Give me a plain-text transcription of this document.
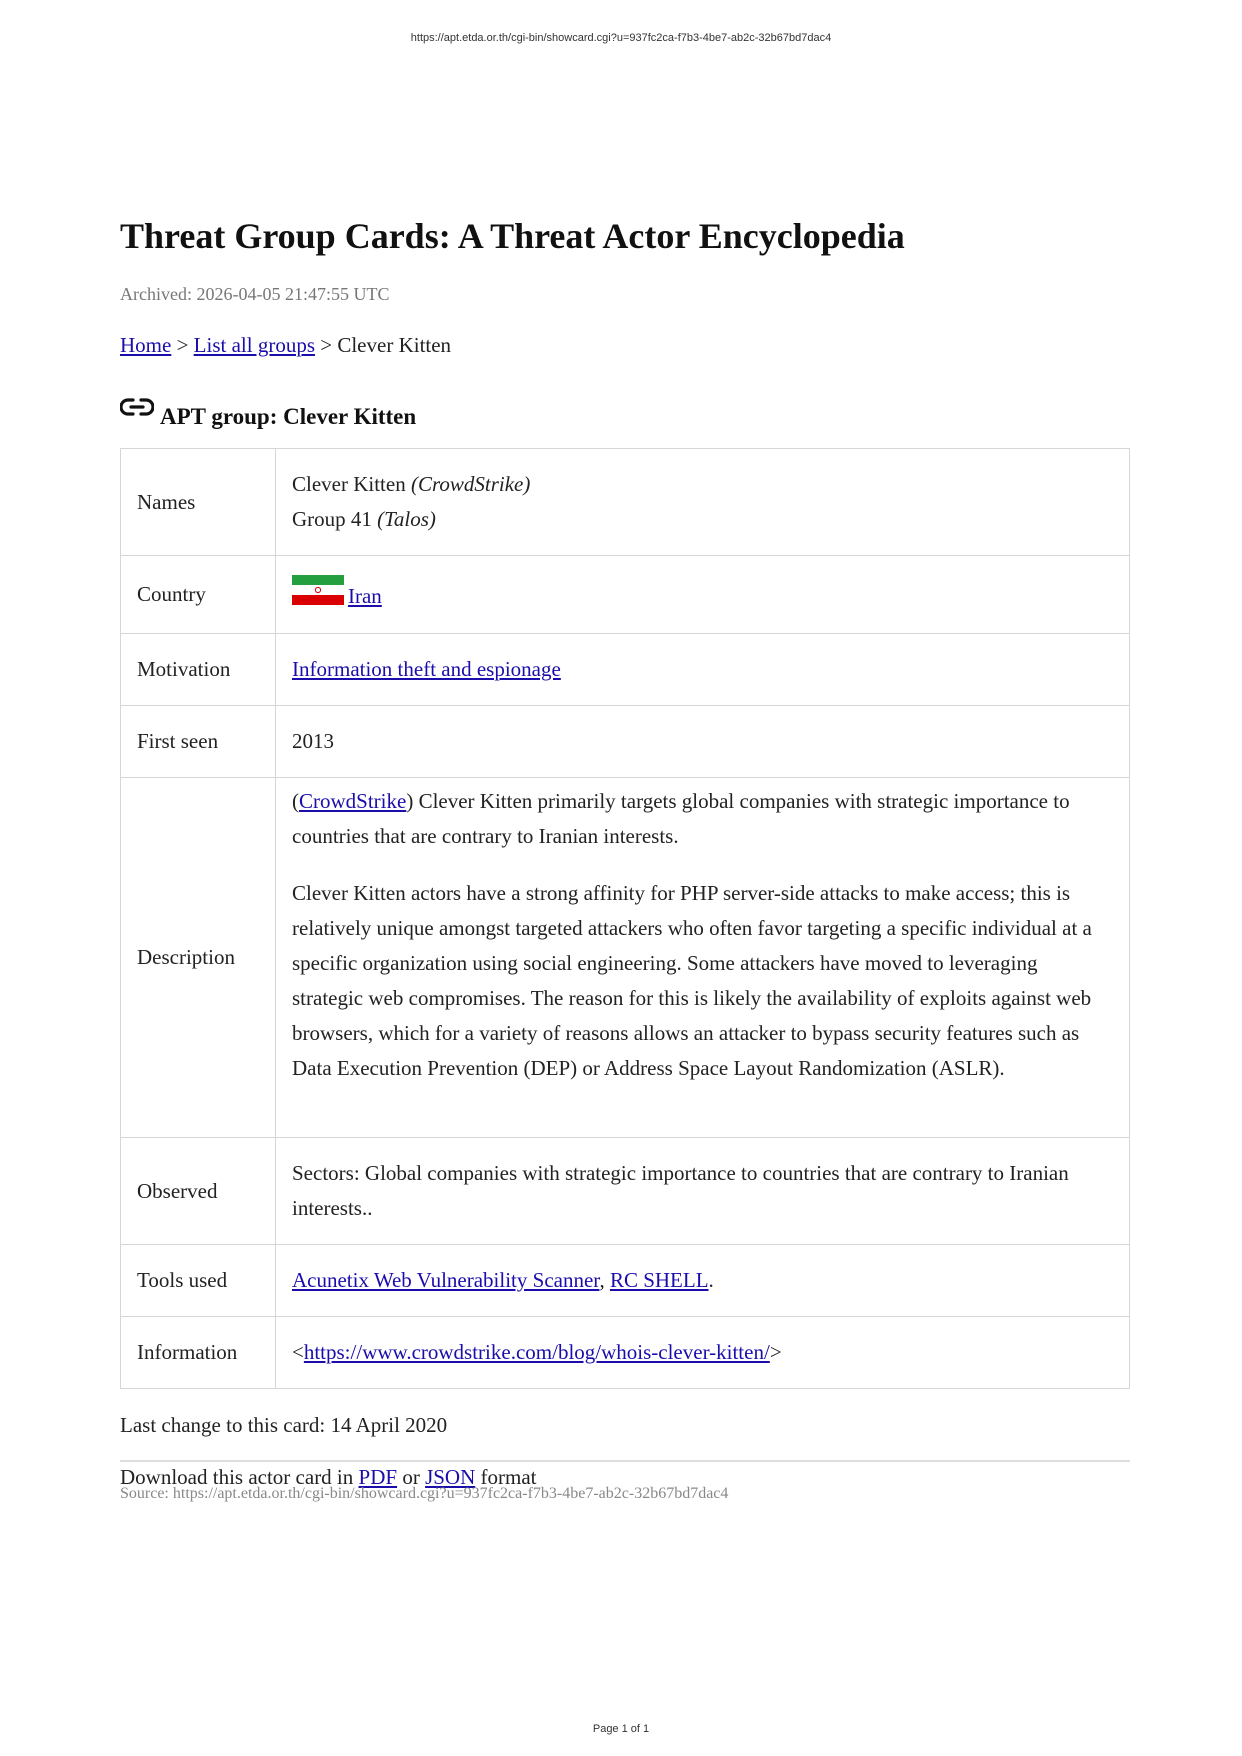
https://apt.etda.or.th/cgi-bin/showcard.cgi?u=937fc2ca-f7b3-4be7-ab2c-32b67bd7dac4
Threat Group Cards: A Threat Actor Encyclopedia
Archived: 2026-04-05 21:47:55 UTC
Home > List all groups > Clever Kitten
APT group: Clever Kitten
Names	Clever Kitten (CrowdStrike)
Group 41 (Talos)

Country	Iran
Motivation	Information theft and espionage
First seen	2013
Description	(CrowdStrike) Clever Kitten primarily targets global companies with strategic importance to countries that are contrary to Iranian interests.

Clever Kitten actors have a strong affinity for PHP server-side attacks to make access; this is relatively unique amongst targeted attackers who often favor targeting a specific individual at a specific organization using social engineering. Some attackers have moved to leveraging strategic web compromises. The reason for this is likely the availability of exploits against web browsers, which for a variety of reasons allows an attacker to bypass security features such as Data Execution Prevention (DEP) or Address Space Layout Randomization (ASLR).

Observed	Sectors: Global companies with strategic importance to countries that are contrary to Iranian interests..
Tools used	Acunetix Web Vulnerability Scanner, RC SHELL.
Information	<https://www.crowdstrike.com/blog/whois-clever-kitten/>
Last change to this card: 14 April 2020
Download this actor card in PDF or JSON format
Source: https://apt.etda.or.th/cgi-bin/showcard.cgi?u=937fc2ca-f7b3-4be7-ab2c-32b67bd7dac4
Page 1 of 1
